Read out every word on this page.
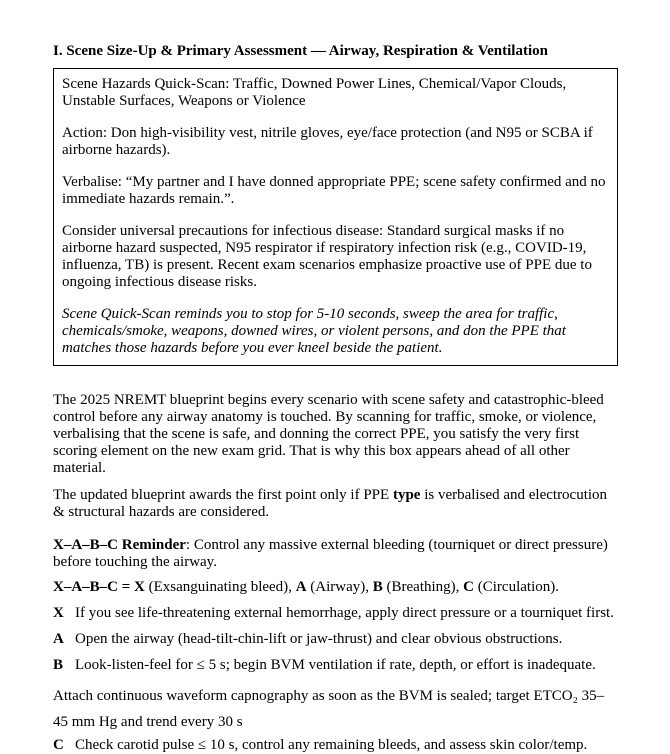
I. Scene Size-Up & Primary Assessment — Airway, Respiration & Ventilation

Scene Hazards Quick-Scan: Traffic, Downed Power Lines, Chemical/Vapor Clouds, Unstable Surfaces, Weapons or Violence

Action: Don high-visibility vest, nitrile gloves, eye/face protection (and N95 or SCBA if airborne hazards).

Verbalise: “My partner and I have donned appropriate PPE; scene safety confirmed and no immediate hazards remain.”.

Consider universal precautions for infectious disease: Standard surgical masks if no airborne hazard suspected, N95 respirator if respiratory infection risk (e.g., COVID-19, influenza, TB) is present. Recent exam scenarios emphasize proactive use of PPE due to ongoing infectious disease risks.

Scene Quick-Scan reminds you to stop for 5-10 seconds, sweep the area for traffic, chemicals/smoke, weapons, downed wires, or violent persons, and don the PPE that matches those hazards before you ever kneel beside the patient.

The 2025 NREMT blueprint begins every scenario with scene safety and catastrophic-bleed control before any airway anatomy is touched. By scanning for traffic, smoke, or violence, verbalising that the scene is safe, and donning the correct PPE, you satisfy the very first scoring element on the new exam grid. That is why this box appears ahead of all other material.

The updated blueprint awards the first point only if PPE type is verbalised and electrocution & structural hazards are considered.

X–A–B–C Reminder: Control any massive external bleeding (tourniquet or direct pressure) before touching the airway.

X–A–B–C = X (Exsanguinating bleed), A (Airway), B (Breathing), C (Circulation).

X If you see life-threatening external hemorrhage, apply direct pressure or a tourniquet first.
A Open the airway (head-tilt-chin-lift or jaw-thrust) and clear obvious obstructions.
B Look-listen-feel for ≤ 5 s; begin BVM ventilation if rate, depth, or effort is inadequate.

Attach continuous waveform capnography as soon as the BVM is sealed; target ETCO₂ 35–45 mm Hg and trend every 30 s

C Check carotid pulse ≤ 10 s, control any remaining bleeds, and assess skin color/temp.
